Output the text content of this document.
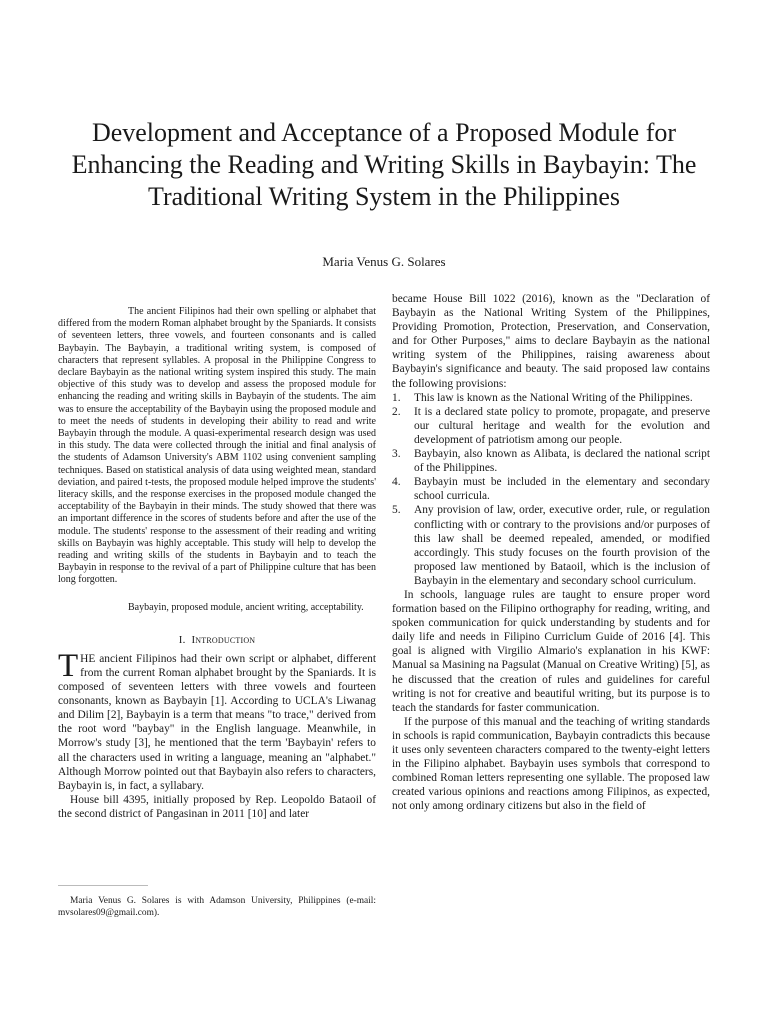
Development and Acceptance of a Proposed Module for Enhancing the Reading and Writing Skills in Baybayin: The Traditional Writing System in the Philippines

Maria Venus G. Solares

The ancient Filipinos had their own spelling or alphabet that differed from the modern Roman alphabet brought by the Spaniards. It consists of seventeen letters, three vowels, and fourteen consonants and is called Baybayin. The Baybayin, a traditional writing system, is composed of characters that represent syllables. A proposal in the Philippine Congress to declare Baybayin as the national writing system inspired this study. The main objective of this study was to develop and assess the proposed module for enhancing the reading and writing skills in Baybayin of the students. The aim was to ensure the acceptability of the Baybayin using the proposed module and to meet the needs of students in developing their ability to read and write Baybayin through the module. A quasi-experimental research design was used in this study. The data were collected through the initial and final analysis of the students of Adamson University's ABM 1102 using convenient sampling techniques. Based on statistical analysis of data using weighted mean, standard deviation, and paired t-tests, the proposed module helped improve the students' literacy skills, and the response exercises in the proposed module changed the acceptability of the Baybayin in their minds. The study showed that there was an important difference in the scores of students before and after the use of the module. The students' response to the assessment of their reading and writing skills on Baybayin was highly acceptable. This study will help to develop the reading and writing skills of the students in Baybayin and to teach the Baybayin in response to the revival of a part of Philippine culture that has been long forgotten.

Baybayin, proposed module, ancient writing, acceptability.

I. Introduction

THE ancient Filipinos had their own script or alphabet, different from the current Roman alphabet brought by the Spaniards. It is composed of seventeen letters with three vowels and fourteen consonants, known as Baybayin [1]. According to UCLA's Liwanag and Dilim [2], Baybayin is a term that means "to trace," derived from the root word "baybay" in the English language. Meanwhile, in Morrow's study [3], he mentioned that the term 'Baybayin' refers to all the characters used in writing a language, meaning an "alphabet." Although Morrow pointed out that Baybayin also refers to characters, Baybayin is, in fact, a syllabary.

House bill 4395, initially proposed by Rep. Leopoldo Bataoil of the second district of Pangasinan in 2011 [10] and later

became House Bill 1022 (2016), known as the "Declaration of Baybayin as the National Writing System of the Philippines, Providing Promotion, Protection, Preservation, and Conservation, and for Other Purposes," aims to declare Baybayin as the national writing system of the Philippines, raising awareness about Baybayin's significance and beauty. The said proposed law contains the following provisions:

1. This law is known as the National Writing of the Philippines.
2. It is a declared state policy to promote, propagate, and preserve our cultural heritage and wealth for the evolution and development of patriotism among our people.
3. Baybayin, also known as Alibata, is declared the national script of the Philippines.
4. Baybayin must be included in the elementary and secondary school curricula.
5. Any provision of law, order, executive order, rule, or regulation conflicting with or contrary to the provisions and/or purposes of this law shall be deemed repealed, amended, or modified accordingly. This study focuses on the fourth provision of the proposed law mentioned by Bataoil, which is the inclusion of Baybayin in the elementary and secondary school curriculum.

In schools, language rules are taught to ensure proper word formation based on the Filipino orthography for reading, writing, and spoken communication for quick understanding by students and for daily life and needs in Filipino Curriclum Guide of 2016 [4]. This goal is aligned with Virgilio Almario's explanation in his KWF: Manual sa Masining na Pagsulat (Manual on Creative Writing) [5], as he discussed that the creation of rules and guidelines for careful writing is not for creative and beautiful writing, but its purpose is to teach the standards for faster communication.

If the purpose of this manual and the teaching of writing standards in schools is rapid communication, Baybayin contradicts this because it uses only seventeen characters compared to the twenty-eight letters in the Filipino alphabet. Baybayin uses symbols that correspond to combined Roman letters representing one syllable. The proposed law created various opinions and reactions among Filipinos, as expected, not only among ordinary citizens but also in the field of

Maria Venus G. Solares is with Adamson University, Philippines (e-mail: mvsolares09@gmail.com).
